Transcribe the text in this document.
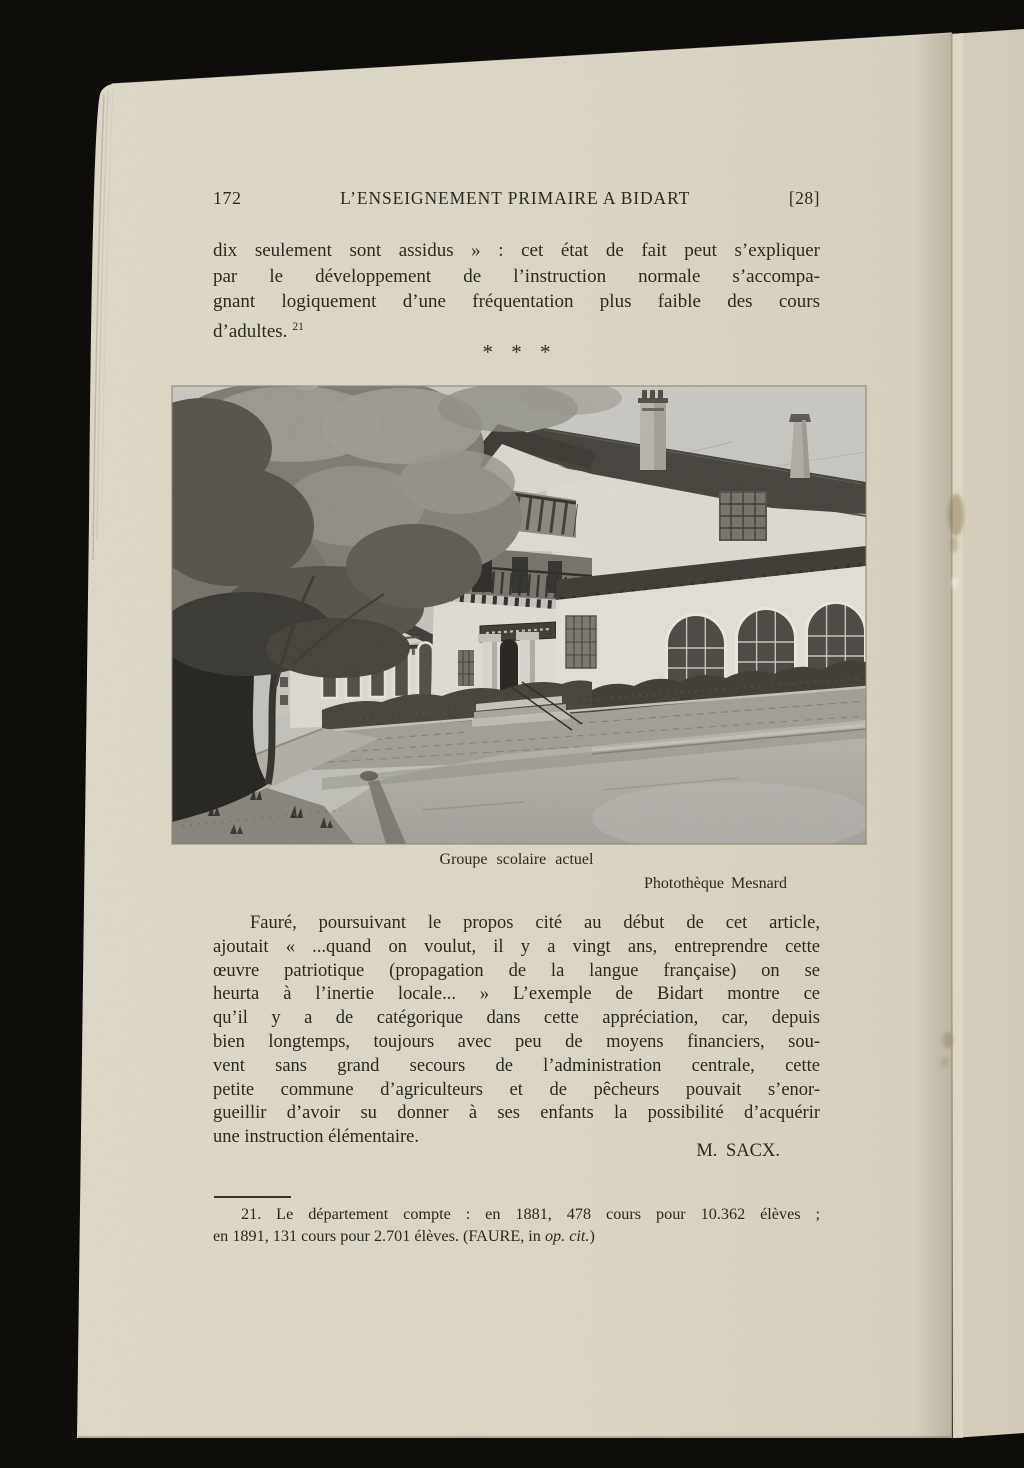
172	L’ENSEIGNEMENT PRIMAIRE A BIDART	[28]
dix seulement sont assidus » : cet état de fait peut s’expliquer
par le développement de l’instruction normale s’accompa-
gnant logiquement d’une fréquentation plus faible des cours
d’adultes. $^{21}$
* * *
Groupe scolaire actuel
Photothèque Mesnard
Fauré, poursuivant le propos cité au début de cet article,
ajoutait « ...quand on voulut, il y a vingt ans, entreprendre cette
œuvre patriotique (propagation de la langue française) on se
heurta à l’inertie locale... » L’exemple de Bidart montre ce
qu’il y a de catégorique dans cette appréciation, car, depuis
bien longtemps, toujours avec peu de moyens financiers, sou-
vent sans grand secours de l’administration centrale, cette
petite commune d’agriculteurs et de pêcheurs pouvait s’enor-
gueillir d’avoir su donner à ses enfants la possibilité d’acquérir
une instruction élémentaire.
M. SACX.
21. Le département compte : en 1881, 478 cours pour 10.362 élèves ;
en 1891, 131 cours pour 2.701 élèves. (FAURE, in op. cit.)
